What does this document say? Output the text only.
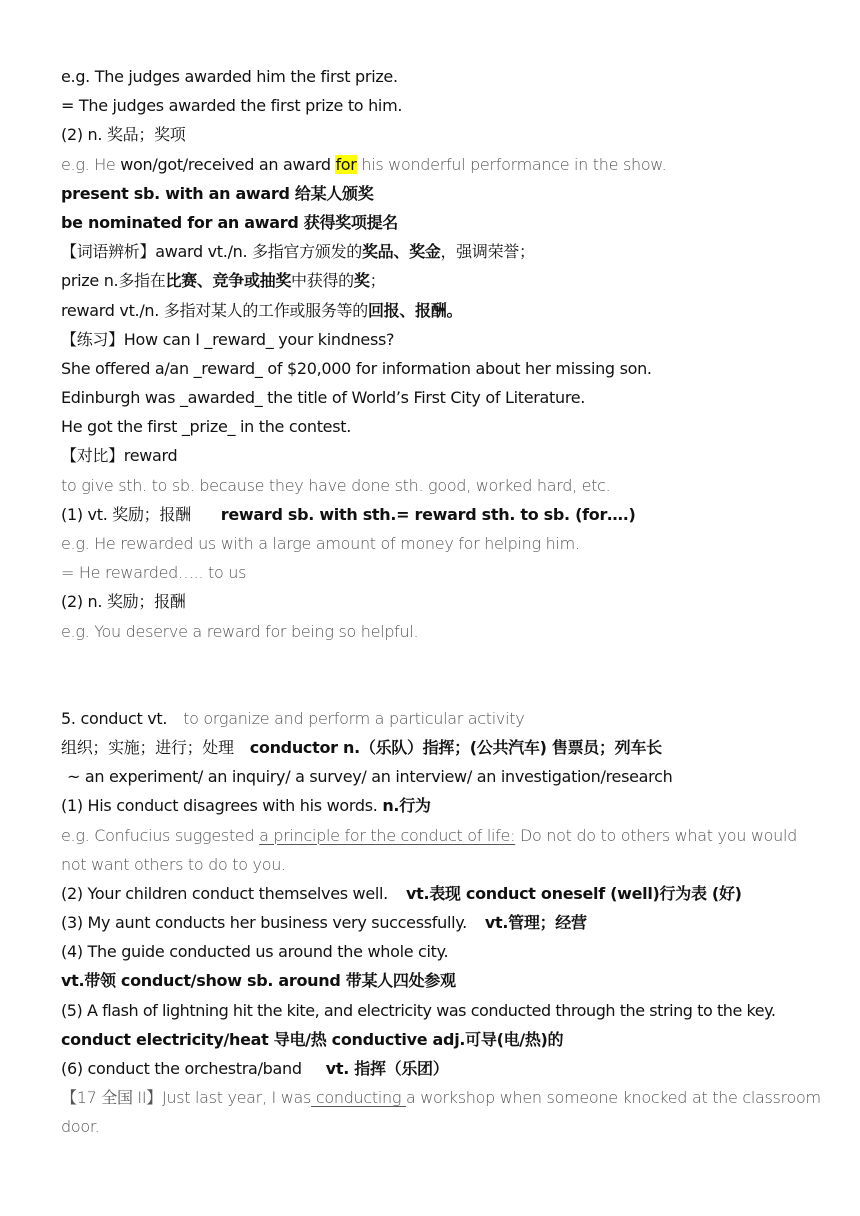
e.g. The judges awarded him the first prize.
= The judges awarded the first prize to him.
(2) n. 奖品；奖项
e.g. He won/got/received an award for his wonderful performance in the show.
present sb. with an award 给某人颁奖
be nominated for an award 获得奖项提名
【词语辨析】award vt./n. 多指官方颁发的奖品、奖金，强调荣誉；
prize n.多指在比赛、竞争或抽奖中获得的奖；
reward vt./n. 多指对某人的工作或服务等的回报、报酬。
【练习】How can I _reward_ your kindness?
She offered a/an _reward_ of $20,000 for information about her missing son.
Edinburgh was _awarded_ the title of World’s First City of Literature.
He got the first _prize_ in the contest.
【对比】reward
to give sth. to sb. because they have done sth. good, worked hard, etc.
(1) vt. 奖励；报酬 reward sb. with sth.= reward sth. to sb. (for….)
e.g. He rewarded us with a large amount of money for helping him.
= He rewarded….. to us
(2) n. 奖励；报酬
e.g. You deserve a reward for being so helpful.
5. conduct vt. to organize and perform a particular activity
组织；实施；进行；处理 conductor n.（乐队）指挥；(公共汽车) 售票员；列车长
~ an experiment/ an inquiry/ a survey/ an interview/ an investigation/research
(1) His conduct disagrees with his words. n.行为
e.g. Confucius suggested a principle for the conduct of life: Do not do to others what you would not want others to do to you.
(2) Your children conduct themselves well. vt.表现 conduct oneself (well)行为表 (好)
(3) My aunt conducts her business very successfully. vt.管理；经营
(4) The guide conducted us around the whole city.
vt.带领 conduct/show sb. around 带某人四处参观
(5) A flash of lightning hit the kite, and electricity was conducted through the string to the key.
conduct electricity/heat 导电/热 conductive adj.可导(电/热)的
(6) conduct the orchestra/band vt. 指挥（乐团）
【17 全国 II】Just last year, I was conducting a workshop when someone knocked at the classroom door.
